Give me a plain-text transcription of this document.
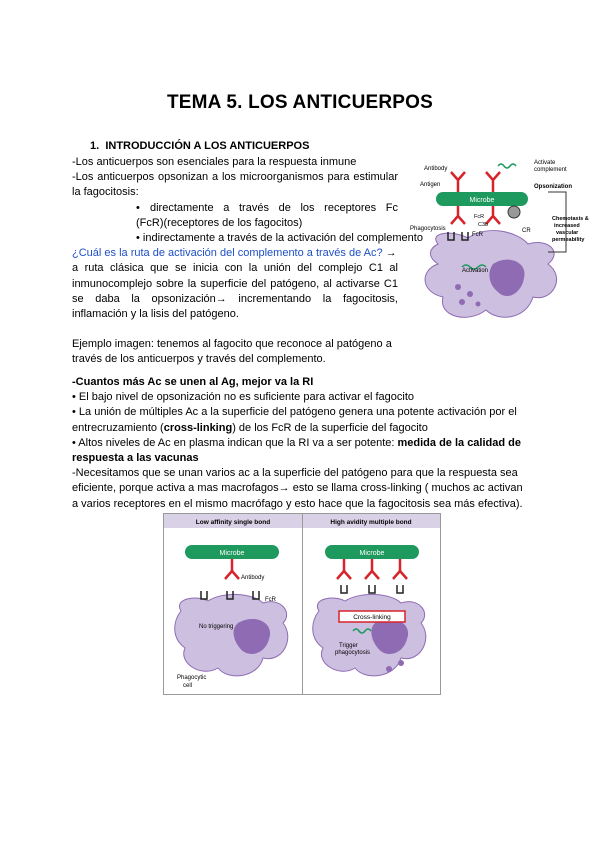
TEMA 5. LOS ANTICUERPOS
1. INTRODUCCIÓN A LOS ANTICUERPOS
-Los anticuerpos son esenciales para la respuesta inmune
-Los anticuerpos opsonizan a los microorganismos para estimular
la fagocitosis:
• directamente a través de los receptores Fc
(FcR)(receptores de los fagocitos)
• indirectamente a través de la activación del complemento
¿Cuál es la ruta de activación del complemento a través de Ac? →
a ruta clásica que se inicia con la unión del complejo C1 al
inmunocomplejo sobre la superficie del patógeno, al activarse C1
se daba la opsonización→ incrementando la fagocitosis,
inflamación y la lisis del patógeno.
Ejemplo imagen: tenemos al fagocito que reconoce al patógeno a
través de los anticuerpos y través del complemento.
Microbe
Antibody
Antigen
FcR
C3b
FcR
Phagocytosis	CR
Activation
Activate
complement
Opsonization
Chemotaxis &
increased
vascular
permeability
-Cuantos más Ac se unen al Ag, mejor va la RI
• El bajo nivel de opsonización no es suficiente para activar el fagocito
• La unión de múltiples Ac a la superficie del patógeno genera una potente activación por el
entrecruzamiento (cross-linking) de los FcR de la superficie del fagocito
• Altos niveles de Ac en plasma indican que la RI va a ser potente: medida de la calidad de
respuesta a las vacunas
-Necesitamos que se unan varios ac a la superficie del patógeno para que la respuesta sea
eficiente, porque activa a mas macrofagos→ esto se llama cross-linking ( muchos ac activan
a varios receptores en el mismo macrófago y esto hace que la fagocitosis sea más efectiva).
Low affinity single bond	High avidity multiple bond
Microbe
Antibody
FcR
No triggering
Phagocytic
cell
Microbe
Cross-linking
Trigger
phagocytosis
